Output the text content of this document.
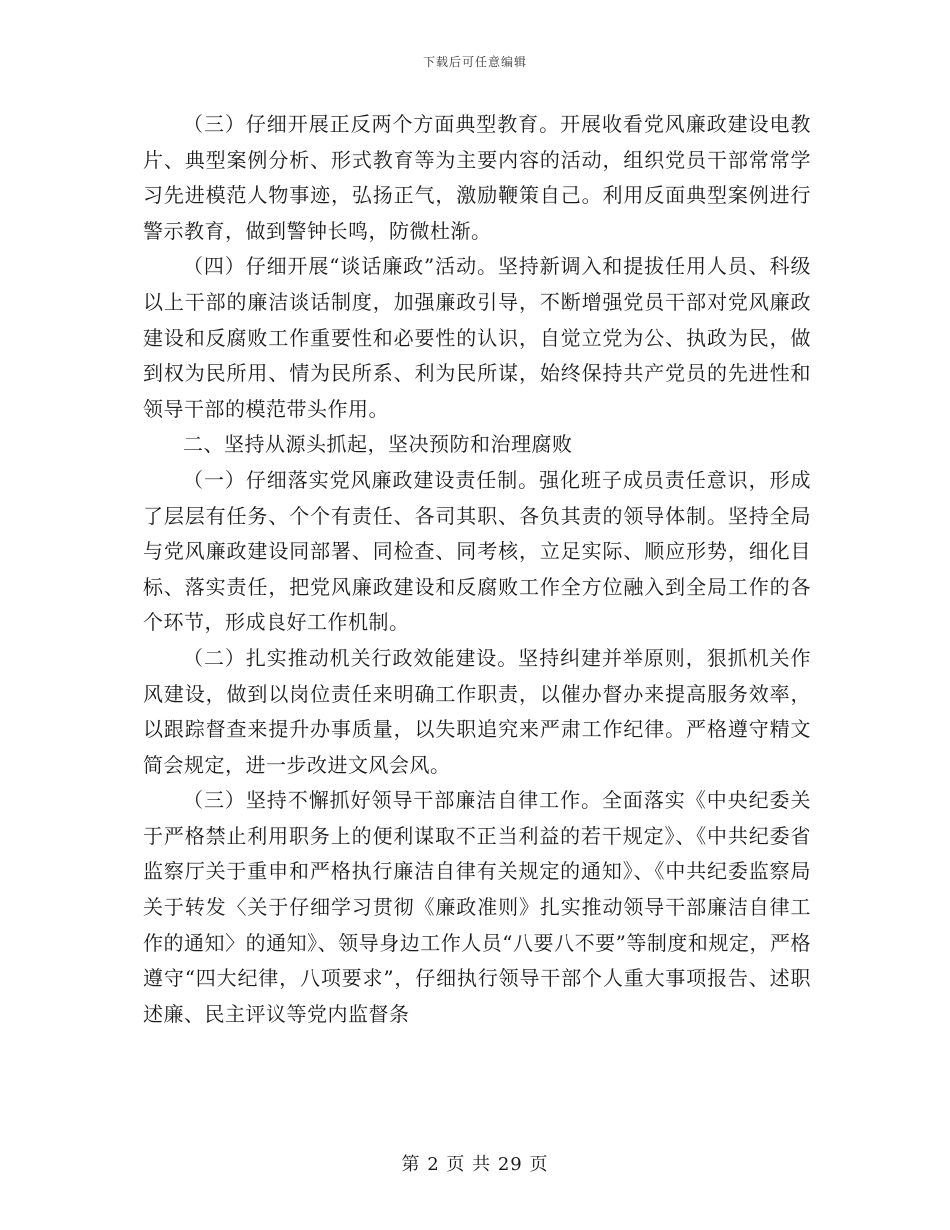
下载后可任意编辑

（三）仔细开展正反两个方面典型教育。开展收看党风廉政建设电教片、典型案例分析、形式教育等为主要内容的活动，组织党员干部常常学习先进模范人物事迹，弘扬正气，激励鞭策自己。利用反面典型案例进行警示教育，做到警钟长鸣，防微杜渐。

（四）仔细开展“谈话廉政”活动。坚持新调入和提拔任用人员、科级以上干部的廉洁谈话制度，加强廉政引导，不断增强党员干部对党风廉政建设和反腐败工作重要性和必要性的认识，自觉立党为公、执政为民，做到权为民所用、情为民所系、利为民所谋，始终保持共产党员的先进性和领导干部的模范带头作用。

二、坚持从源头抓起，坚决预防和治理腐败

（一）仔细落实党风廉政建设责任制。强化班子成员责任意识，形成了层层有任务、个个有责任、各司其职、各负其责的领导体制。坚持全局与党风廉政建设同部署、同检查、同考核，立足实际、顺应形势，细化目标、落实责任，把党风廉政建设和反腐败工作全方位融入到全局工作的各个环节，形成良好工作机制。

（二）扎实推动机关行政效能建设。坚持纠建并举原则，狠抓机关作风建设，做到以岗位责任来明确工作职责，以催办督办来提高服务效率，以跟踪督查来提升办事质量，以失职追究来严肃工作纪律。严格遵守精文简会规定，进一步改进文风会风。

（三）坚持不懈抓好领导干部廉洁自律工作。全面落实《中央纪委关于严格禁止利用职务上的便利谋取不正当利益的若干规定》、《中共纪委省监察厅关于重申和严格执行廉洁自律有关规定的通知》、《中共纪委监察局关于转发〈关于仔细学习贯彻《廉政准则》扎实推动领导干部廉洁自律工作的通知〉的通知》、领导身边工作人员“八要八不要”等制度和规定，严格遵守“四大纪律，八项要求”，仔细执行领导干部个人重大事项报告、述职述廉、民主评议等党内监督条

第 2 页 共 29 页
